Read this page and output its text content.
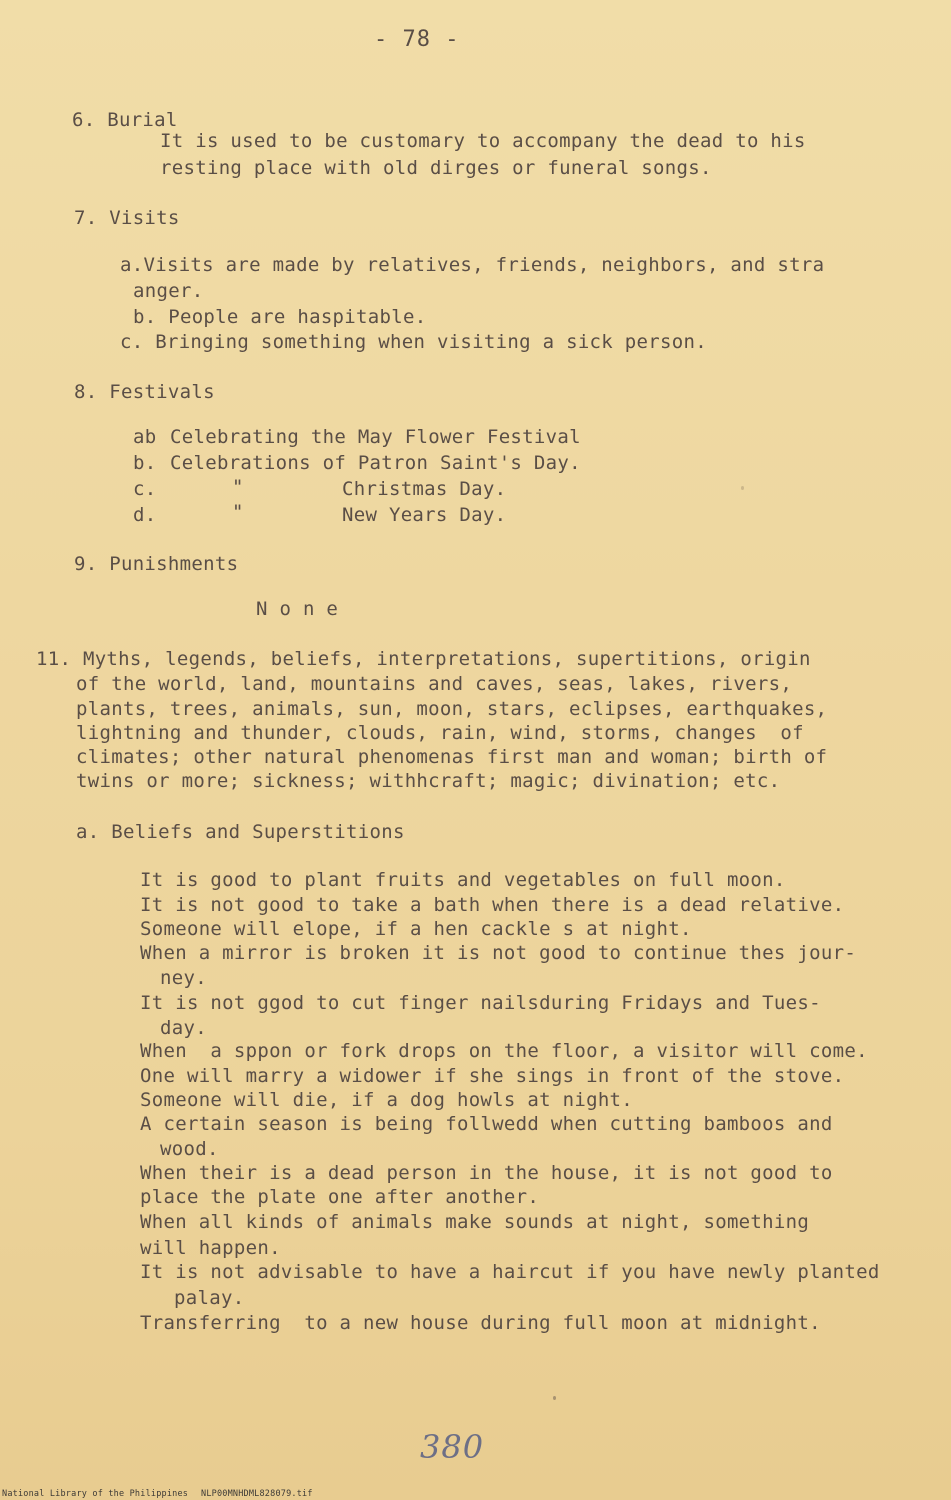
- 78 -
6. Burial
It is used to be customary to accompany the dead to his
resting place with old dirges or funeral songs.
7. Visits
a.Visits are made by relatives, friends, neighbors, and stra
anger.
b. People are haspitable.
c. Bringing something when visiting a sick person.
8. Festivals
ab Celebrating the May Flower Festival
b. Celebrations of Patron Saint's Day.
c.	"	Christmas Day.
d.	"	New Years Day.
9. Punishments
N o n e
11. Myths, legends, beliefs, interpretations, supertitions, origin
of the world, land, mountains and caves, seas, lakes, rivers,
plants, trees, animals, sun, moon, stars, eclipses, earthquakes,
lightning and thunder, clouds, rain, wind, storms, changes  of
climates; other natural phenomenas first man and woman; birth of
twins or more; sickness; withhcraft; magic; divination; etc.
a. Beliefs and Superstitions
It is good to plant fruits and vegetables on full moon.
It is not good to take a bath when there is a dead relative.
Someone will elope, if a hen cackle s at night.
When a mirror is broken it is not good to continue thes jour-
ney.
It is not ggod to cut finger nailsduring Fridays and Tues-
day.
When  a sppon or fork drops on the floor, a visitor will come.
One will marry a widower if she sings in front of the stove.
Someone will die, if a dog howls at night.
A certain season is being follwedd when cutting bamboos and
wood.
When their is a dead person in the house, it is not good to
place the plate one after another.
When all kinds of animals make sounds at night, something
will happen.
It is not advisable to have a haircut if you have newly planted
palay.
Transferring  to a new house during full moon at midnight.
380
National Library of the Philippines NLP00MNHDML828079.tif
